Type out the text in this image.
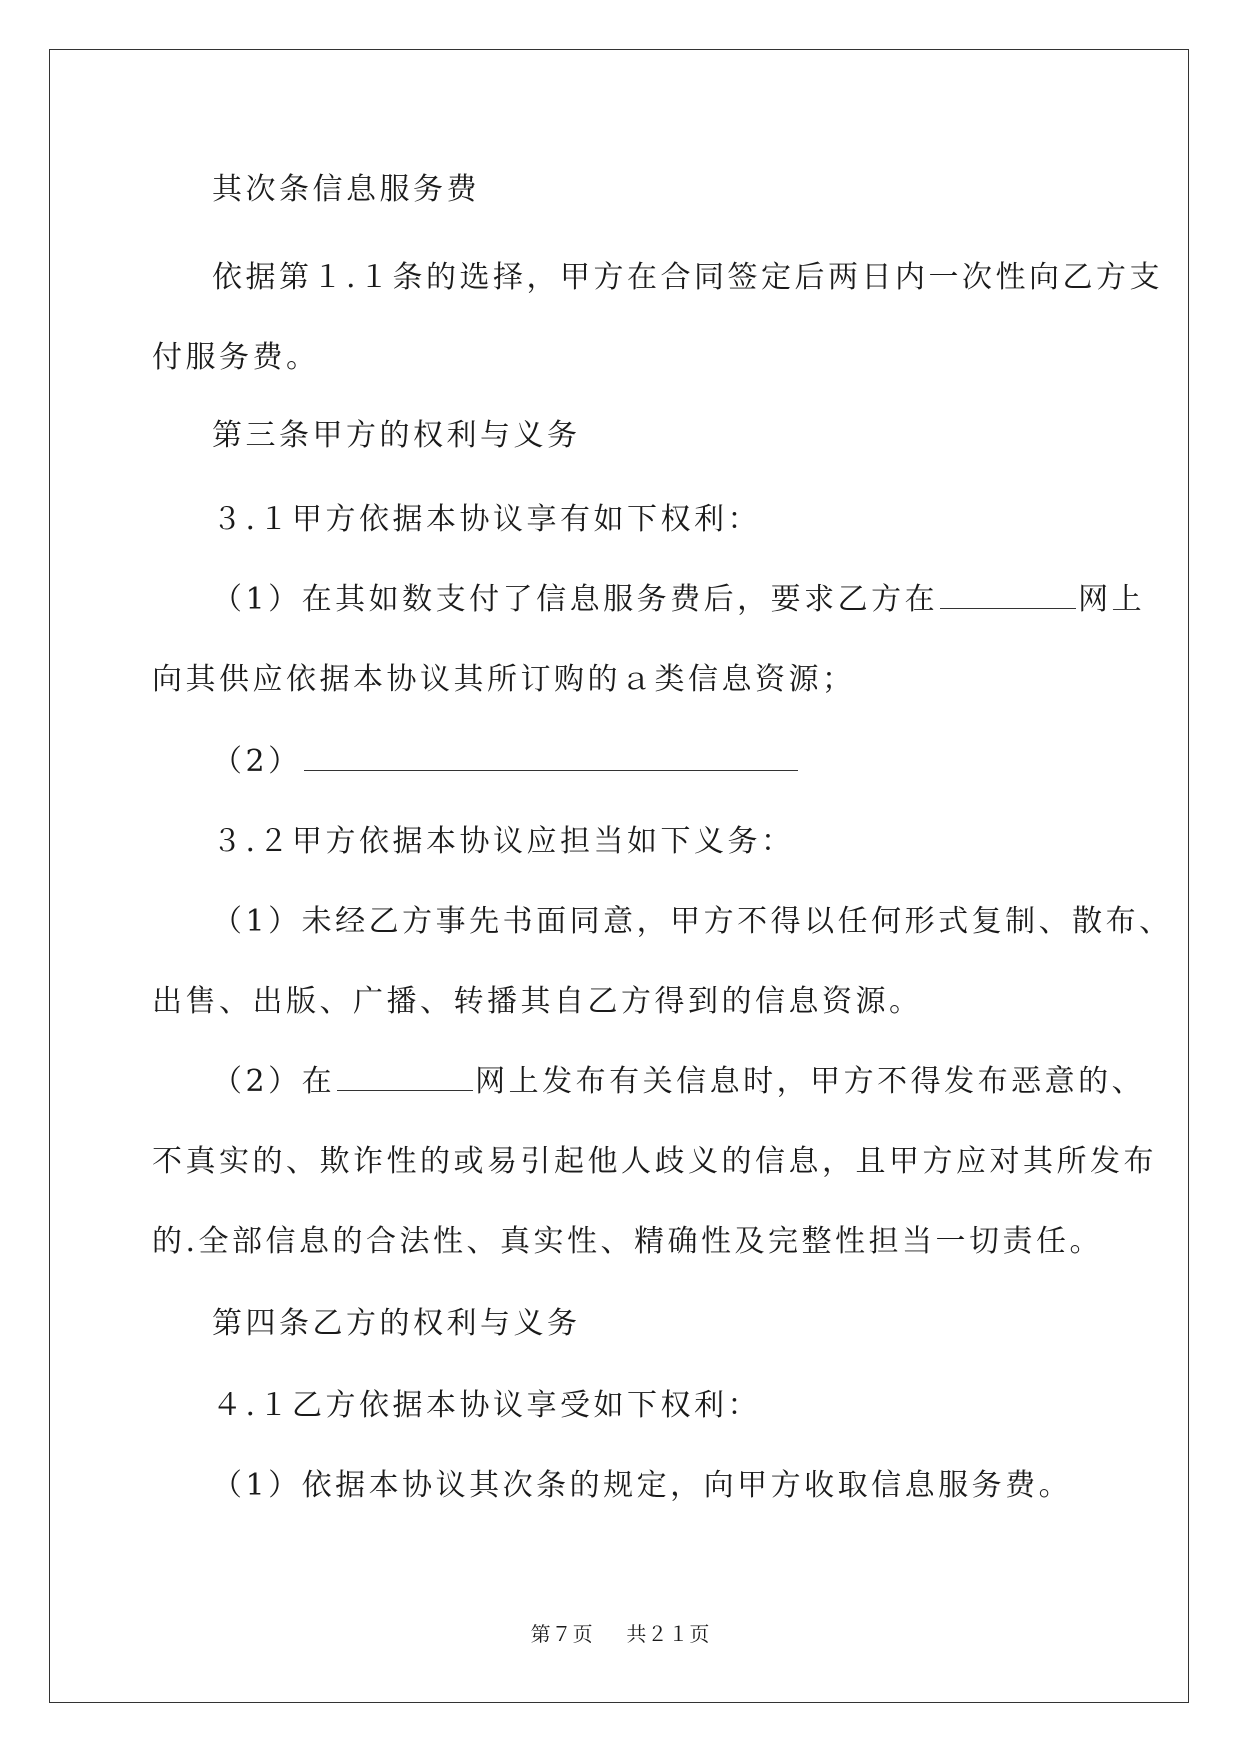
其次条信息服务费
依据第１.１条的选择，甲方在合同签定后两日内一次性向乙方支
付服务费。
第三条甲方的权利与义务
３.１甲方依据本协议享有如下权利：
（1）在其如数支付了信息服务费后，要求乙方在	网上
向其供应依据本协议其所订购的ａ类信息资源；
（2）
３.２甲方依据本协议应担当如下义务：
（1）未经乙方事先书面同意，甲方不得以任何形式复制、散布、
出售、出版、广播、转播其自乙方得到的信息资源。
（2）在	网上发布有关信息时，甲方不得发布恶意的、
不真实的、欺诈性的或易引起他人歧义的信息，且甲方应对其所发布
的.全部信息的合法性、真实性、精确性及完整性担当一切责任。
第四条乙方的权利与义务
４.１乙方依据本协议享受如下权利：
（1）依据本协议其次条的规定，向甲方收取信息服务费。
第７页 共２１页
